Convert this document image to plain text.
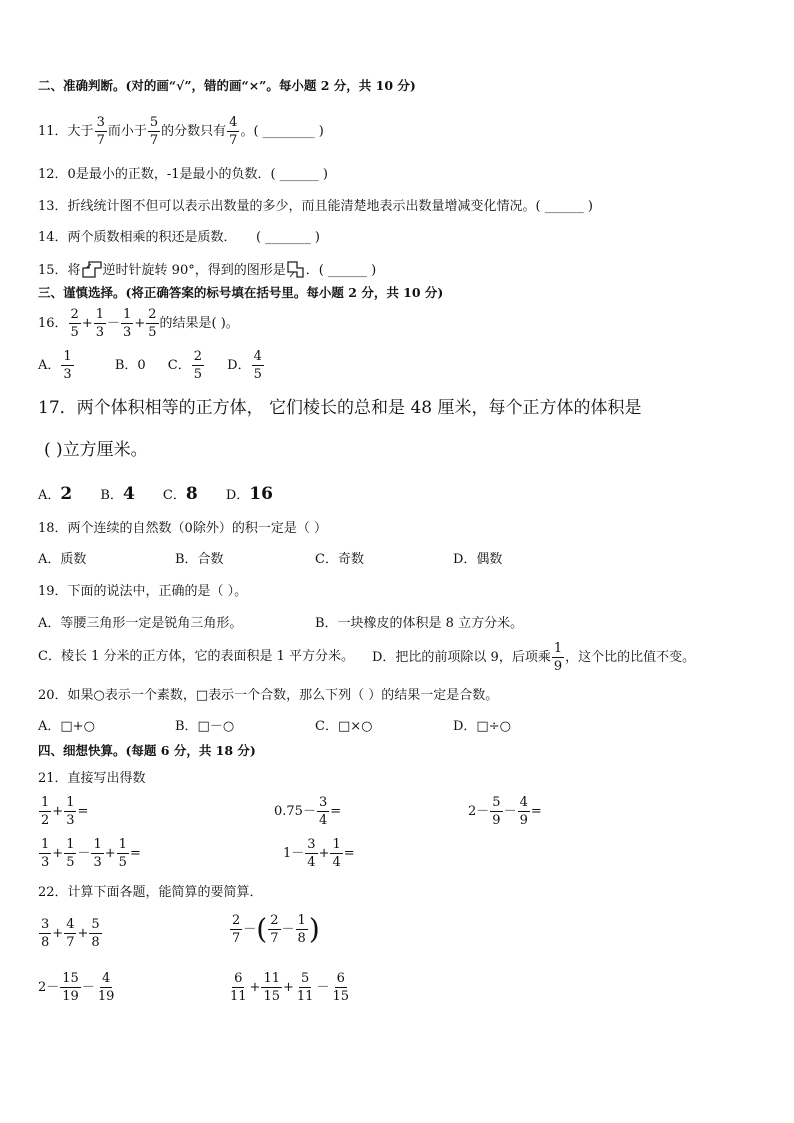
二、准确判断。(对的画“√”，错的画“×”。每小题 2 分，共 10 分)
11．大于 $\frac{3}{7}$ 而小于 $\frac{5}{7}$ 的分数只有 $\frac{4}{7}$ 。( ________ )
12．0是最小的正数，-1是最小的负数．( ______ )
13．折线统计图不但可以表示出数量的多少，而且能清楚地表示出数量增减变化情况。( ______ )
14．两个质数相乘的积还是质数．　　( _______ )
15．将 逆时针旋转 90°，得到的图形是 ．( ______ )
三、谨慎选择。(将正确答案的标号填在括号里。每小题 2 分，共 10 分)
16． $\frac{2}{5} + \frac{1}{3} - \frac{1}{3} + \frac{2}{5}$ 的结果是( )。
A． $\frac{1}{3}$	B．0 C． $\frac{2}{5}$ D． $\frac{4}{5}$
17．两个体积相等的正方体， 它们棱长的总和是 48 厘米，每个正方体的体积是
( )立方厘米。
A．2 B．4 C．8 D．16
18．两个连续的自然数（0除外）的积一定是（ ）
A．质数	B．合数	C．奇数	D．偶数
19．下面的说法中，正确的是（ ）。
A．等腰三角形一定是锐角三角形。	B．一块橡皮的体积是 8 立方分米。
C．棱长 1 分米的正方体，它的表面积是 1 平方分米。 D．把比的前项除以 9，后项乘 $\frac{1}{9}$ ，这个比的比值不变。
20．如果○表示一个素数，□表示一个合数，那么下列（ ）的结果一定是合数。
A．□+○	B．□－○	C．□×○	D．□÷○
四、细想快算。(每题 6 分，共 18 分)
21．直接写出得数
$\frac{1}{2} + \frac{1}{3}$ =	$0.75- \frac{3}{4}$ =	$2- \frac{5}{9} - \frac{4}{9}$ =
$\frac{1}{3} + \frac{1}{5} - \frac{1}{3} + \frac{1}{5}$ =	$1- \frac{3}{4} + \frac{1}{4}$ =
22．计算下面各题，能简算的要简算．
$\frac{3}{8} + \frac{4}{7} + \frac{5}{8}$	$\frac{2}{7}$ －( $\frac{2}{7} - \frac{1}{8}$ )
$2- \frac{15}{19} - \frac{4}{19}$	$\frac{6}{11} + \frac{11}{15} + \frac{5}{11} - \frac{6}{15}$
